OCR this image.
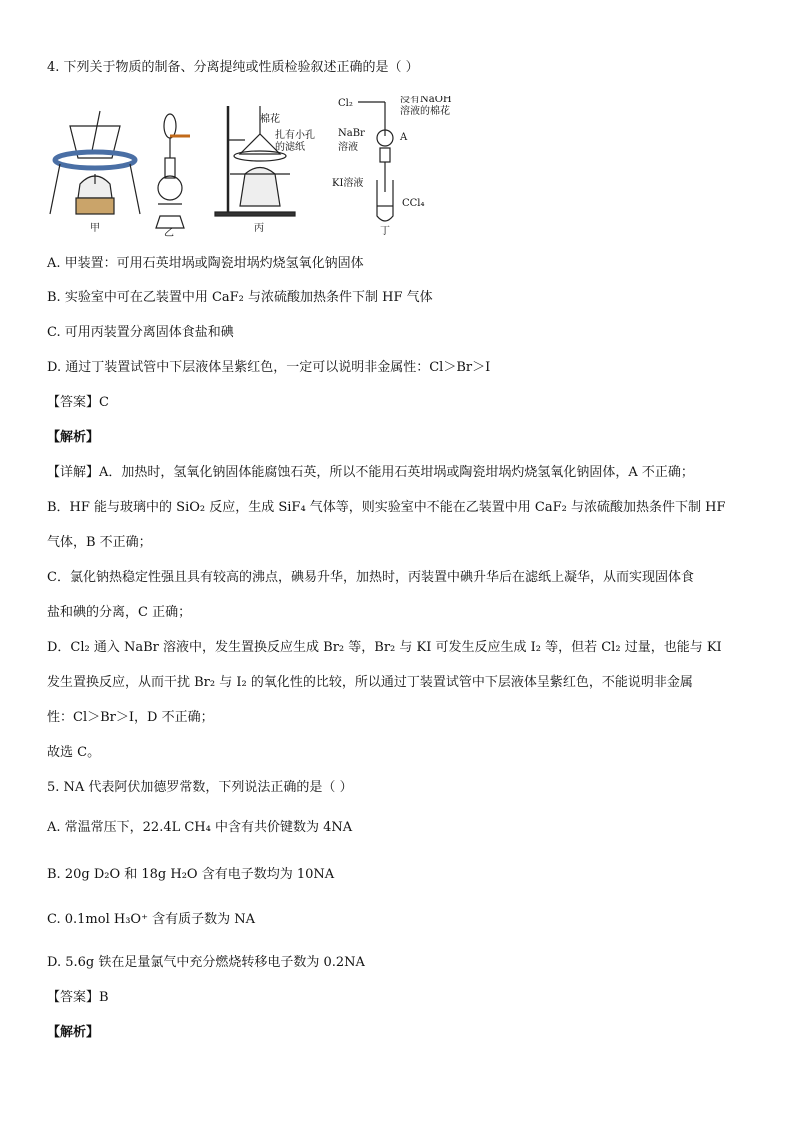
4. 下列关于物质的制备、分离提纯或性质检验叙述正确的是（ ）
甲	乙	丙	丁
棉花
扎有小孔
的滤纸
Cl₂	浸有NaOH
溶液的棉花
NaBr
溶液
A
KI溶液
CCl₄
A. 甲装置：可用石英坩埚或陶瓷坩埚灼烧氢氧化钠固体
B. 实验室中可在乙装置中用 CaF₂ 与浓硫酸加热条件下制 HF 气体
C. 可用丙装置分离固体食盐和碘
D. 通过丁装置试管中下层液体呈紫红色，一定可以说明非金属性：Cl＞Br＞I
【答案】C
【解析】
【详解】A．加热时，氢氧化钠固体能腐蚀石英，所以不能用石英坩埚或陶瓷坩埚灼烧氢氧化钠固体，A 不正确；
B．HF 能与玻璃中的 SiO₂ 反应，生成 SiF₄ 气体等，则实验室中不能在乙装置中用 CaF₂ 与浓硫酸加热条件下制 HF
气体，B 不正确；
C．氯化钠热稳定性强且具有较高的沸点，碘易升华，加热时，丙装置中碘升华后在滤纸上凝华，从而实现固体食
盐和碘的分离，C 正确；
D．Cl₂ 通入 NaBr 溶液中，发生置换反应生成 Br₂ 等，Br₂ 与 KI 可发生反应生成 I₂ 等，但若 Cl₂ 过量，也能与 KI
发生置换反应，从而干扰 Br₂ 与 I₂ 的氧化性的比较，所以通过丁装置试管中下层液体呈紫红色，不能说明非金属
性：Cl＞Br＞I，D 不正确；
故选 C。
5. NA 代表阿伏加德罗常数，下列说法正确的是（ ）
A. 常温常压下，22.4L CH₄ 中含有共价键数为 4NA
B. 20g D₂O 和 18g H₂O 含有电子数均为 10NA
C. 0.1mol H₃O⁺ 含有质子数为 NA
D. 5.6g 铁在足量氯气中充分燃烧转移电子数为 0.2NA
【答案】B
【解析】
